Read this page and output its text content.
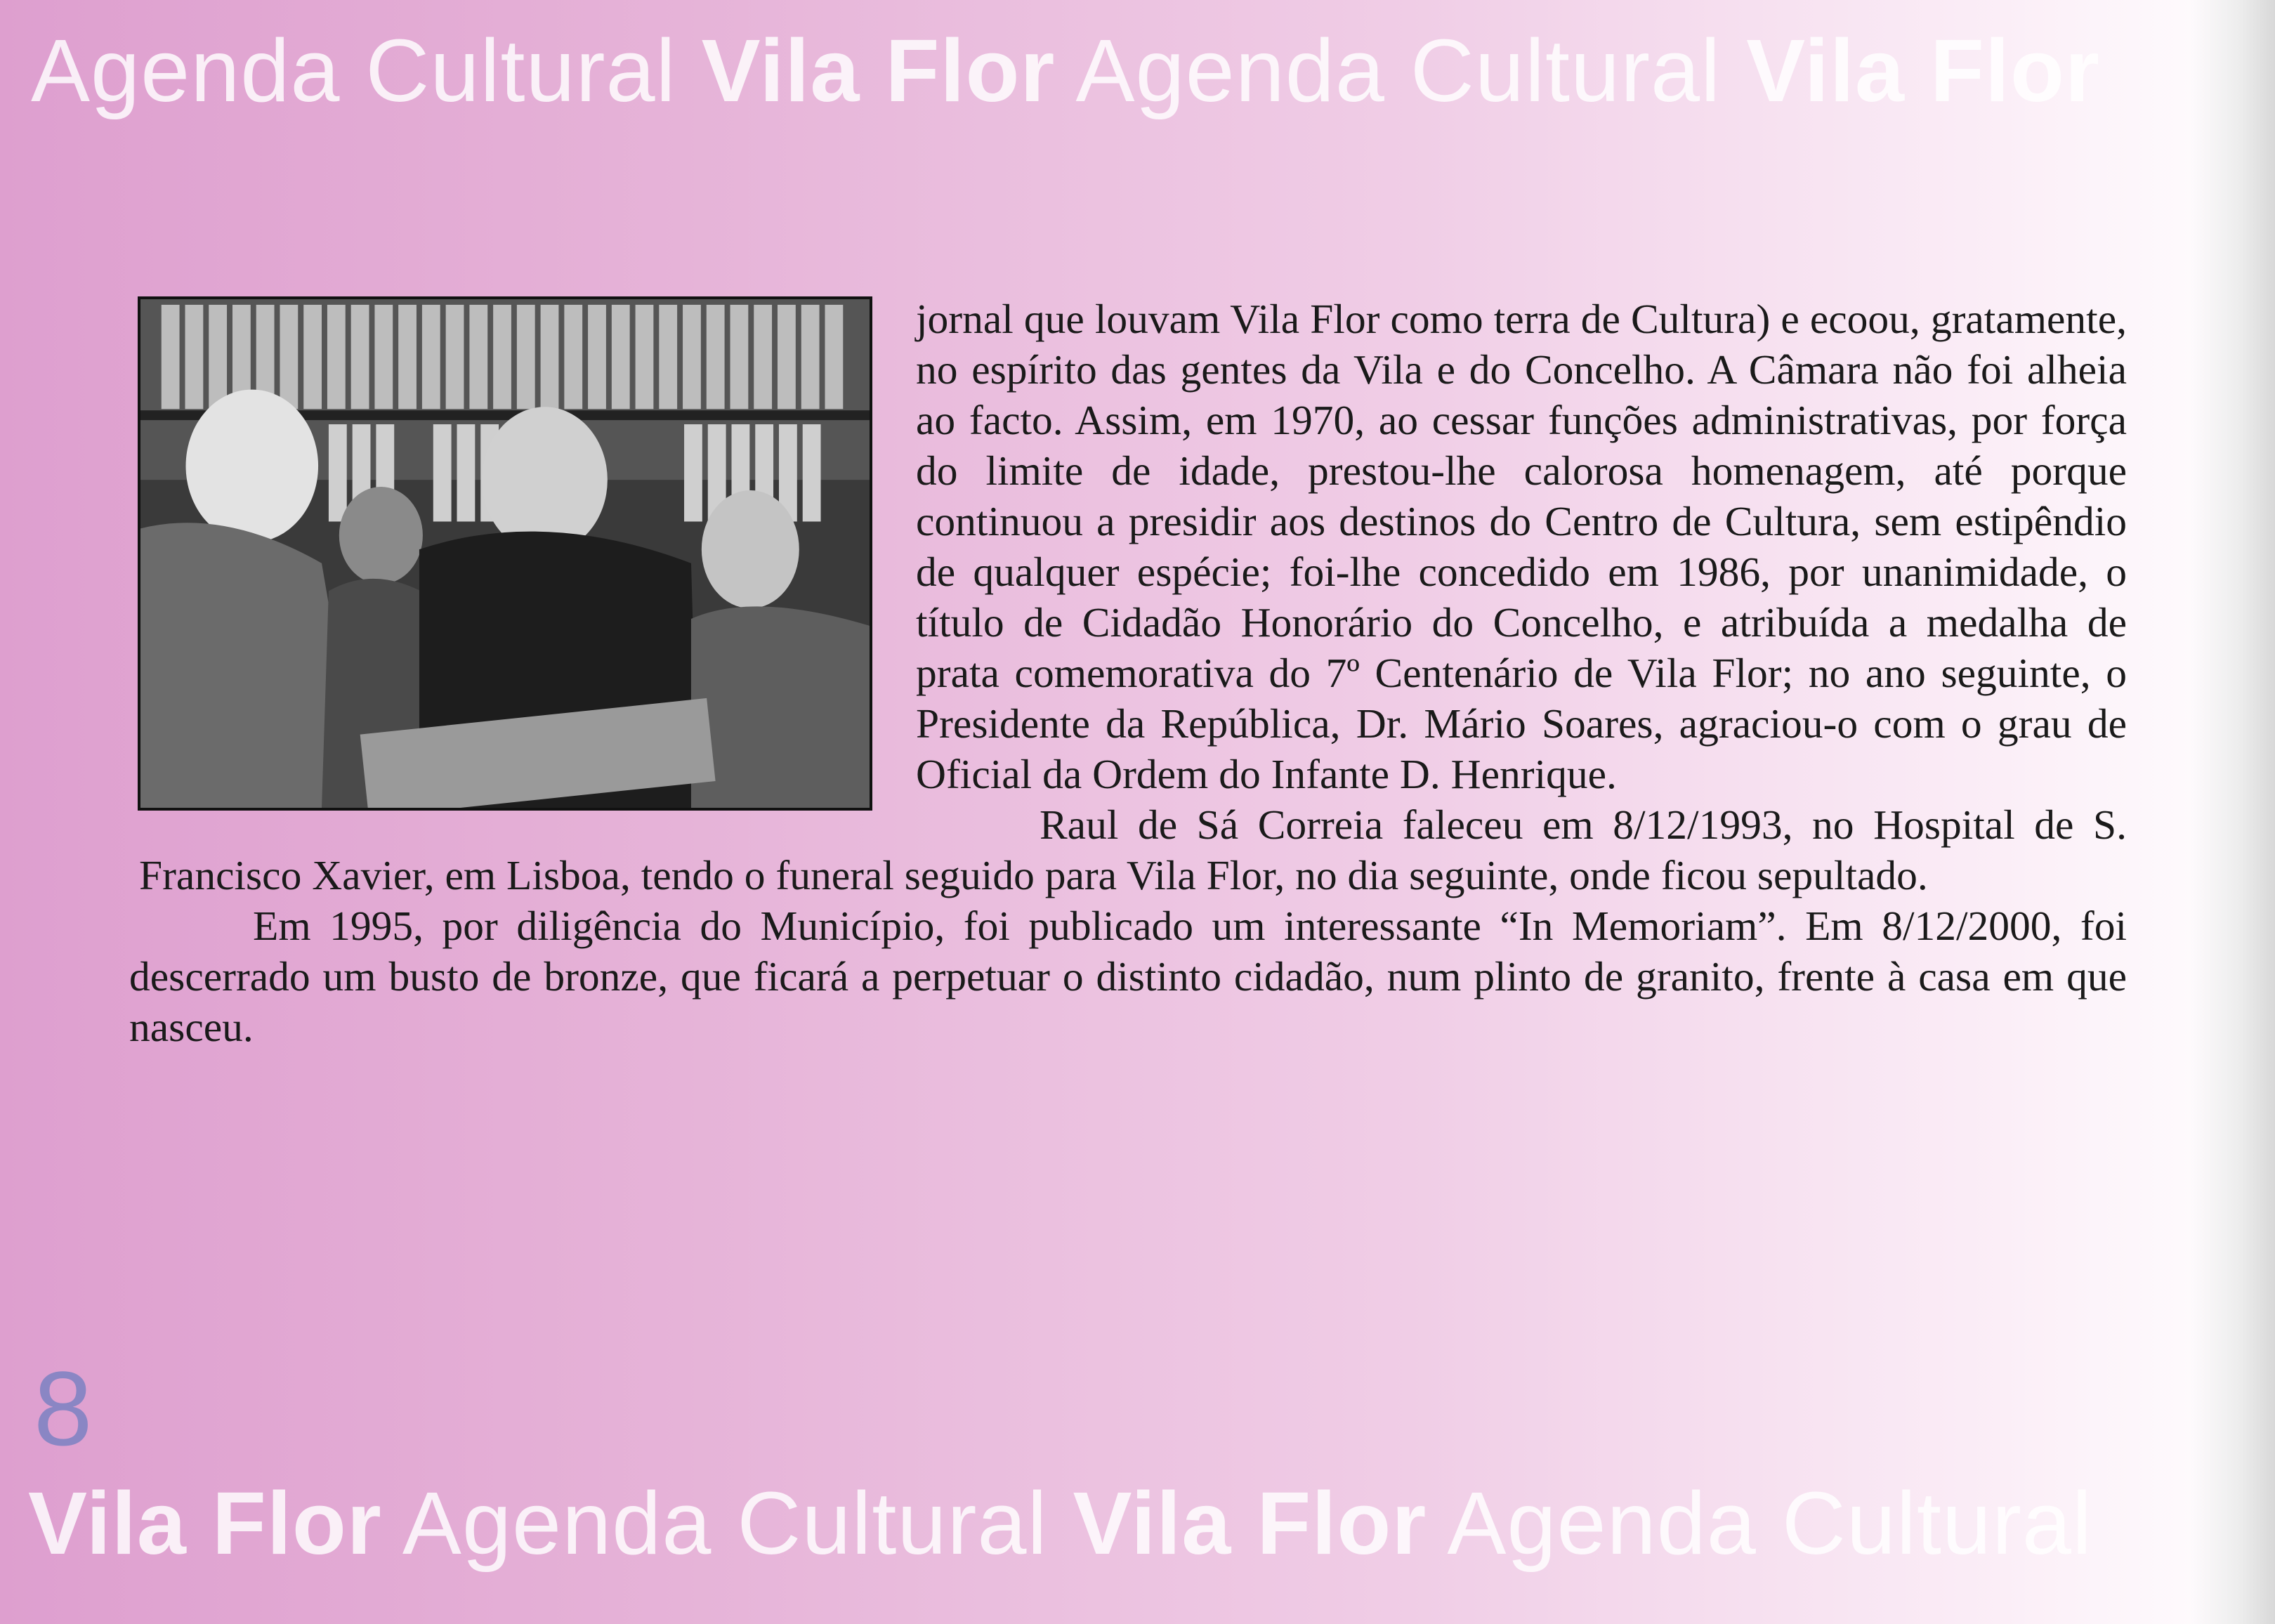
Agenda Cultural Vila Flor Agenda Cultural Vila Flor

jornal que louvam Vila Flor como terra de Cultura) e ecoou, gratamente, no espírito das gentes da Vila e do Concelho. A Câmara não foi alheia ao facto. Assim, em 1970, ao cessar funções administrativas, por força do limite de idade, prestou-lhe calorosa homenagem, até porque continuou a presidir aos destinos do Centro de Cultura, sem estipêndio de qualquer espécie; foi-lhe concedido em 1986, por unanimidade, o título de Cidadão Honorário do Concelho, e atribuída a medalha de prata comemorativa do 7º Centenário de Vila Flor; no ano seguinte, o Presidente da República, Dr. Mário Soares, agraciou-o com o grau de Oficial da Ordem do Infante D. Henrique.

Raul de Sá Correia faleceu em 8/12/1993, no Hospital de S. Francisco Xavier, em Lisboa, tendo o funeral seguido para Vila Flor, no dia seguinte, onde ficou sepultado.

Em 1995, por diligência do Município, foi publicado um interessante “In Memoriam”. Em 8/12/2000, foi descerrado um busto de bronze, que ficará a perpetuar o distinto cidadão, num plinto de granito, frente à casa em que nasceu.

8
Vila Flor Agenda Cultural Vila Flor Agenda Cultural
